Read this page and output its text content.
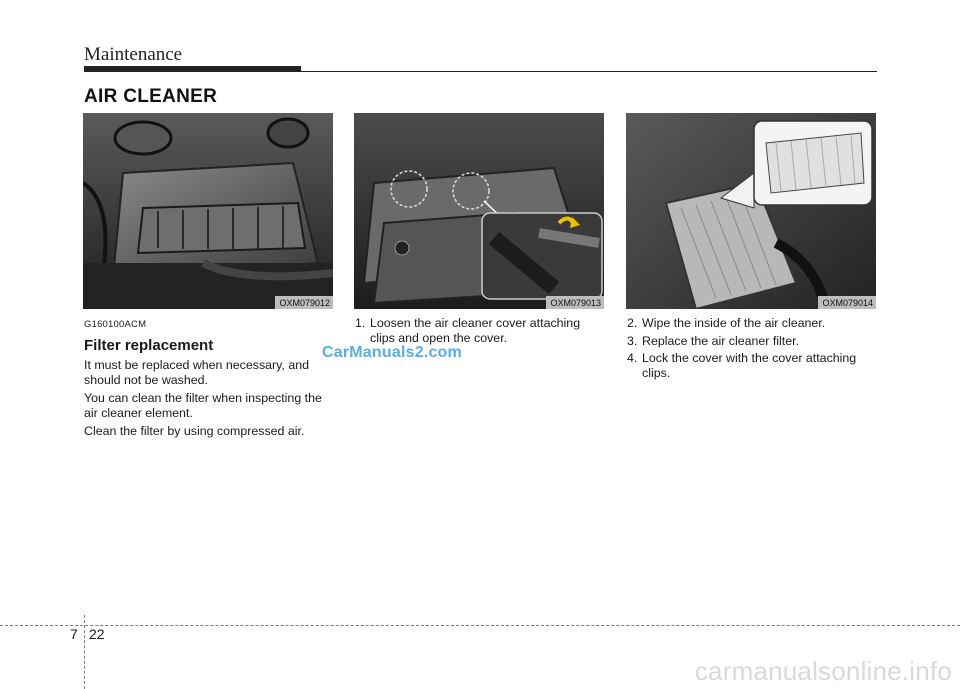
Maintenance
AIR CLEANER
OXM079012	OXM079013	OXM079014
G160100ACM
Filter replacement

It must be replaced when necessary, and should not be washed.

You can clean the filter when inspecting the air cleaner element.

Clean the filter by using compressed air.

1. Loosen the air cleaner cover attaching clips and open the cover.
2. Wipe the inside of the air cleaner.
3. Replace the air cleaner filter.
4. Lock the cover with the cover attaching clips.
CarManuals2.com
7 22
carmanualsonline.info
